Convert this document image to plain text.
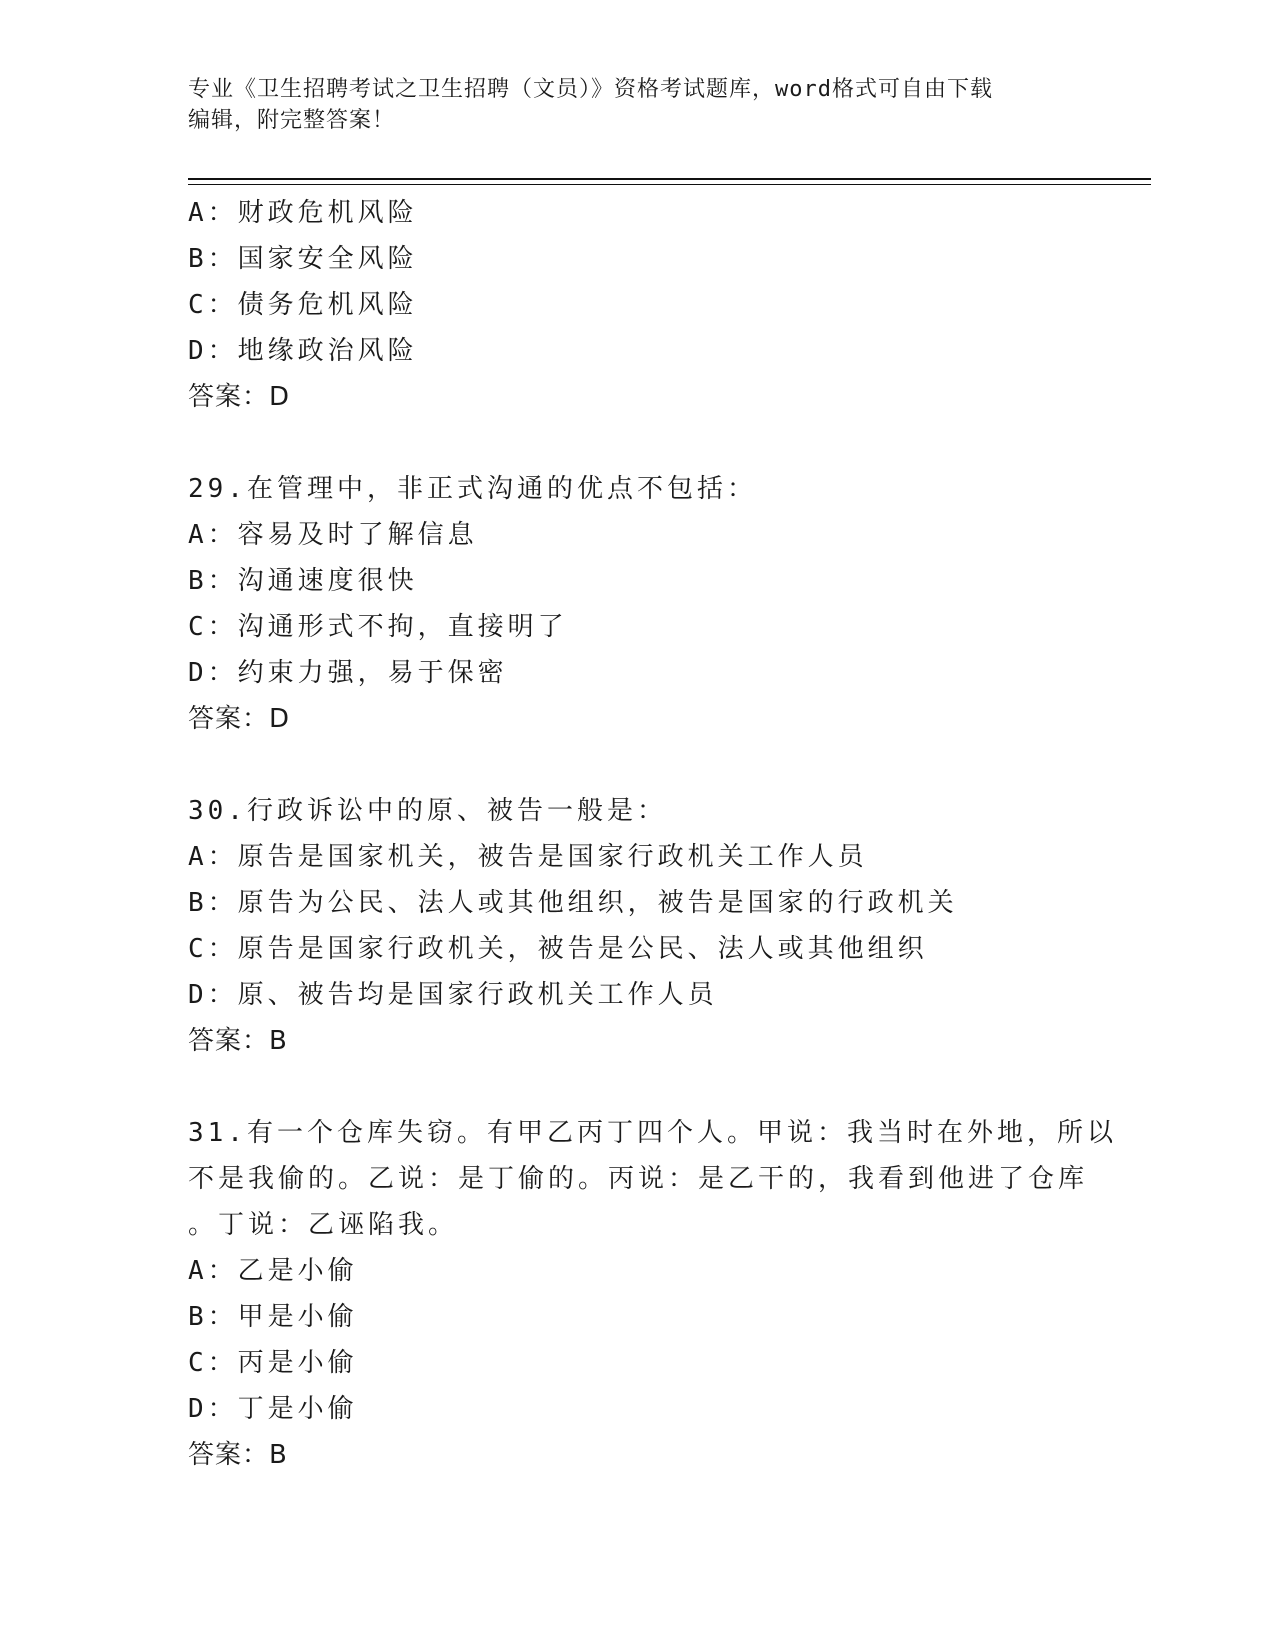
专业《卫生招聘考试之卫生招聘（文员）》资格考试题库，word格式可自由下载
编辑，附完整答案！
A：财政危机风险
B：国家安全风险
C：债务危机风险
D：地缘政治风险
答案：D
29.在管理中，非正式沟通的优点不包括：
A：容易及时了解信息
B：沟通速度很快
C：沟通形式不拘，直接明了
D：约束力强，易于保密
答案：D
30.行政诉讼中的原、被告一般是：
A：原告是国家机关，被告是国家行政机关工作人员
B：原告为公民、法人或其他组织，被告是国家的行政机关
C：原告是国家行政机关，被告是公民、法人或其他组织
D：原、被告均是国家行政机关工作人员
答案：B
31.有一个仓库失窃。有甲乙丙丁四个人。甲说：我当时在外地，所以
不是我偷的。乙说：是丁偷的。丙说：是乙干的，我看到他进了仓库
。丁说：乙诬陷我。
A：乙是小偷
B：甲是小偷
C：丙是小偷
D：丁是小偷
答案：B
